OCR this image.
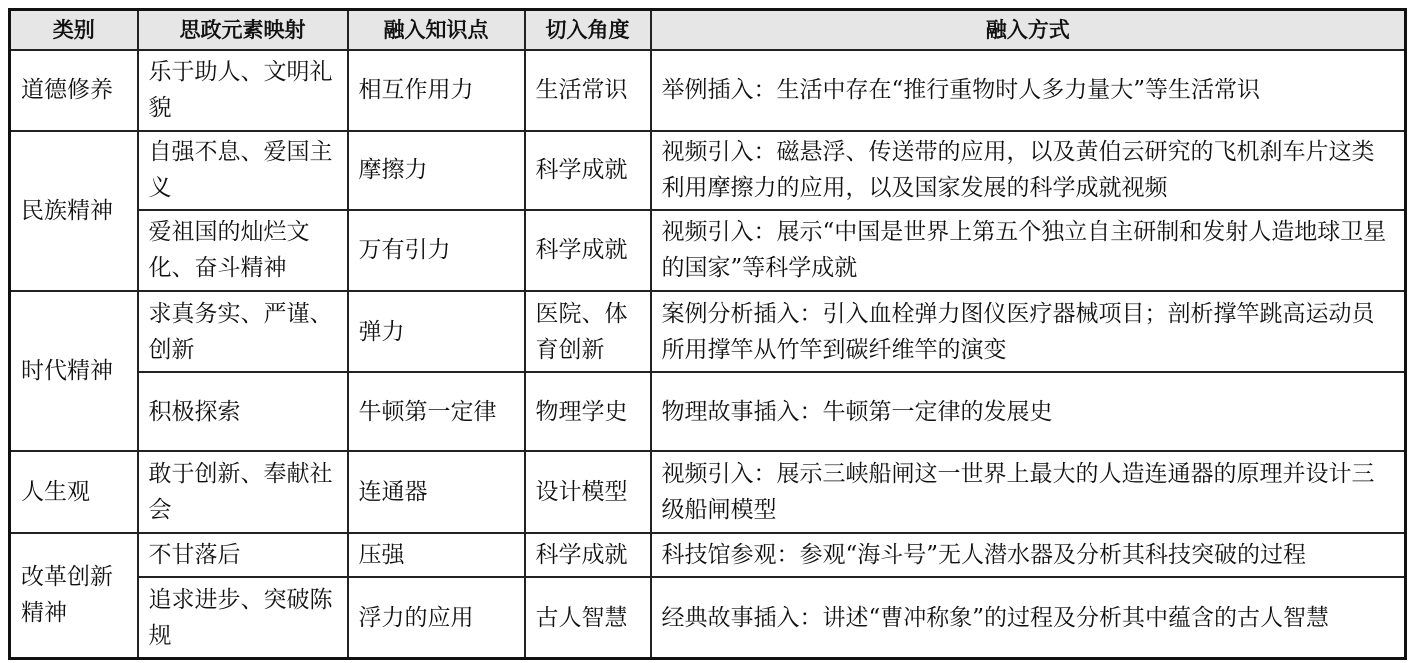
类别	思政元素映射	融入知识点	切入角度	融入方式
道德修养	乐于助人、文明礼貌	相互作用力	生活常识	举例插入：生活中存在“推行重物时人多力量大”等生活常识
民族精神	自强不息、爱国主义	摩擦力	科学成就	视频引入：磁悬浮、传送带的应用，以及黄伯云研究的飞机刹车片这类利用摩擦力的应用，以及国家发展的科学成就视频
	爱祖国的灿烂文化、奋斗精神	万有引力	科学成就	视频引入：展示“中国是世界上第五个独立自主研制和发射人造地球卫星的国家”等科学成就
时代精神	求真务实、严谨、创新	弹力	医院、体育创新	案例分析插入：引入血栓弹力图仪医疗器械项目；剖析撑竿跳高运动员所用撑竿从竹竿到碳纤维竿的演变
	积极探索	牛顿第一定律	物理学史	物理故事插入：牛顿第一定律的发展史
人生观	敢于创新、奉献社会	连通器	设计模型	视频引入：展示三峡船闸这一世界上最大的人造连通器的原理并设计三级船闸模型
改革创新精神	不甘落后	压强	科学成就	科技馆参观：参观“海斗号”无人潜水器及分析其科技突破的过程
	追求进步、突破陈规	浮力的应用	古人智慧	经典故事插入：讲述“曹冲称象”的过程及分析其中蕴含的古人智慧
